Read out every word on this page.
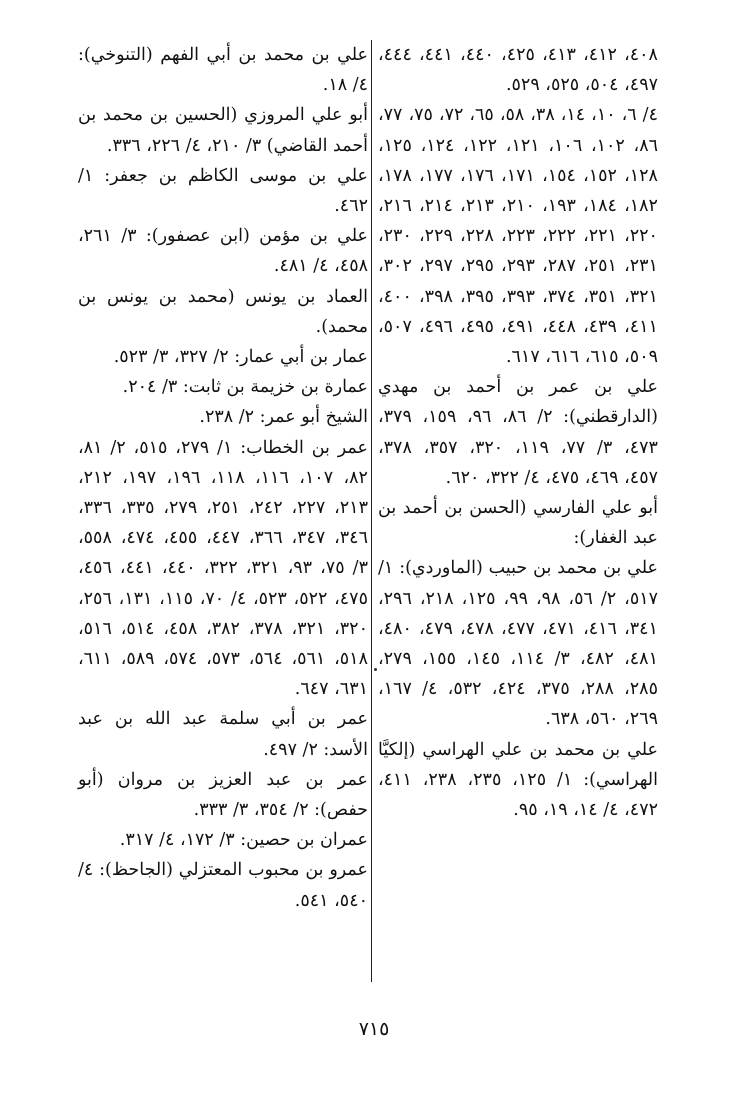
٤٠٨، ٤١٢، ٤١٣، ٤٢٥، ٤٤٠، ٤٤١، ٤٤٤، ٤٩٧، ٥٠٤، ٥٢٥، ٥٢٩.

٤/ ٦، ١٠، ١٤، ٣٨، ٥٨، ٦٥، ٧٢، ٧٥، ٧٧، ٨٦، ١٠٢، ١٠٦، ١٢١، ١٢٢، ١٢٤، ١٢٥، ١٢٨، ١٥٢، ١٥٤، ١٧١، ١٧٦، ١٧٧، ١٧٨، ١٨٢، ١٨٤، ١٩٣، ٢١٠، ٢١٣، ٢١٤، ٢١٦، ٢٢٠، ٢٢١، ٢٢٢، ٢٢٣، ٢٢٨، ٢٢٩، ٢٣٠، ٢٣١، ٢٥١، ٢٨٧، ٢٩٣، ٢٩٥، ٢٩٧، ٣٠٢، ٣٢١، ٣٥١، ٣٧٤، ٣٩٣، ٣٩٥، ٣٩٨، ٤٠٠، ٤١١، ٤٣٩، ٤٤٨، ٤٩١، ٤٩٥، ٤٩٦، ٥٠٧، ٥٠٩، ٦١٥، ٦١٦، ٦١٧.

علي بن عمر بن أحمد بن مهدي (الدارقطني): ٢/ ٨٦، ٩٦، ١٥٩، ٣٧٩، ٤٧٣، ٣/ ٧٧، ١١٩، ٣٢٠، ٣٥٧، ٣٧٨، ٤٥٧، ٤٦٩، ٤٧٥، ٤/ ٣٢٢، ٦٢٠.

أبو علي الفارسي (الحسن بن أحمد بن عبد الغفار):

علي بن محمد بن حبيب (الماوردي): ١/ ٥١٧، ٢/ ٥٦، ٩٨، ٩٩، ١٢٥، ٢١٨، ٢٩٦، ٣٤١، ٤١٦، ٤٧١، ٤٧٧، ٤٧٨، ٤٧٩، ٤٨٠، ٤٨١، ٤٨٢، ٣/ ١١٤، ١٤٥، ١٥٥، ٢٧٩، ٢٨٥، ٢٨٨، ٣٧٥، ٤٢٤، ٥٣٢، ٤/ ١٦٧، ٢٦٩، ٥٦٠، ٦٣٨.

علي بن محمد بن علي الهراسي (إلكيَّا الهراسي): ١/ ١٢٥، ٢٣٥، ٢٣٨، ٤١١، ٤٧٢، ٤/ ١٤، ١٩، ٩٥.

علي بن محمد بن أبي الفهم (التنوخي): ٤/ ١٨.

أبو علي المروزي (الحسين بن محمد بن أحمد القاضي) ٣/ ٢١٠، ٤/ ٢٢٦، ٣٣٦.

علي بن موسى الكاظم بن جعفر: ١/ ٤٦٢.

علي بن مؤمن (ابن عصفور): ٣/ ٢٦١، ٤٥٨، ٤/ ٤٨١.

العماد بن يونس (محمد بن يونس بن محمد).

عمار بن أبي عمار: ٢/ ٣٢٧، ٣/ ٥٢٣.

عمارة بن خزيمة بن ثابت: ٣/ ٢٠٤.

الشيخ أبو عمر: ٢/ ٢٣٨.

عمر بن الخطاب: ١/ ٢٧٩، ٥١٥، ٢/ ٨١، ٨٢، ١٠٧، ١١٦، ١١٨، ١٩٦، ١٩٧، ٢١٢، ٢١٣، ٢٢٧، ٢٤٢، ٢٥١، ٢٧٩، ٣٣٥، ٣٣٦، ٣٤٦، ٣٤٧، ٣٦٦، ٤٤٧، ٤٥٥، ٤٧٤، ٥٥٨، ٣/ ٧٥، ٩٣، ٣٢١، ٣٢٢، ٤٤٠، ٤٤١، ٤٥٦، ٤٧٥، ٥٢٢، ٥٢٣، ٤/ ٧٠، ١١٥، ١٣١، ٢٥٦، ٣٢٠، ٣٢١، ٣٧٨، ٣٨٢، ٤٥٨، ٥١٤، ٥١٦، ٥١٨، ٥٦١، ٥٦٤، ٥٧٣، ٥٧٤، ٥٨٩، ٦١١، ٦٣١، ٦٤٧.

عمر بن أبي سلمة عبد الله بن عبد الأسد: ٢/ ٤٩٧.

عمر بن عبد العزيز بن مروان (أبو حفص): ٢/ ٣٥٤، ٣/ ٣٣٣.

عمران بن حصين: ٣/ ١٧٢، ٤/ ٣١٧.

عمرو بن محبوب المعتزلي (الجاحظ): ٤/ ٥٤٠، ٥٤١.

٧١٥
